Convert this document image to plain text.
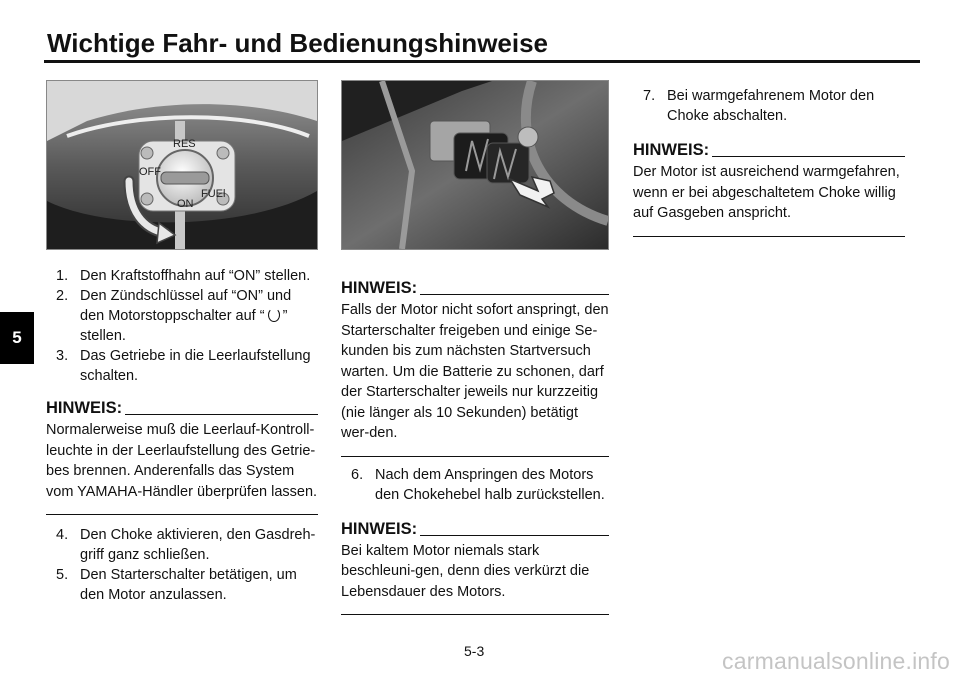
Wichtige Fahr- und Bedienungshinweise
5
RES
OFF
ON
FUEl
1. Den Kraftstoffhahn auf “ON” stellen.
2. Den Zündschlüssel auf “ON” und den Motorstoppschalter auf “ ” stellen.
3. Das Getriebe in die Leerlaufstellung schalten.
HINWEIS:
Normalerweise muß die Leerlauf-Kontroll-leuchte in der Leerlaufstellung des Getrie-bes brennen. Anderenfalls das System vom YAMAHA-Händler überprüfen lassen.
4. Den Choke aktivieren, den Gasdreh-griff ganz schließen.
5. Den Starterschalter betätigen, um den Motor anzulassen.
HINWEIS:
Falls der Motor nicht sofort anspringt, den Starterschalter freigeben und einige Se-kunden bis zum nächsten Startversuch warten. Um die Batterie zu schonen, darf der Starterschalter jeweils nur kurzzeitig (nie länger als 10 Sekunden) betätigt wer-den.
6. Nach dem Anspringen des Motors den Chokehebel halb zurückstellen.
HINWEIS:
Bei kaltem Motor niemals stark beschleuni-gen, denn dies verkürzt die Lebensdauer des Motors.
7. Bei warmgefahrenem Motor den Choke abschalten.
HINWEIS:
Der Motor ist ausreichend warmgefahren, wenn er bei abgeschaltetem Choke willig auf Gasgeben anspricht.
5-3	carmanualsonline.info
